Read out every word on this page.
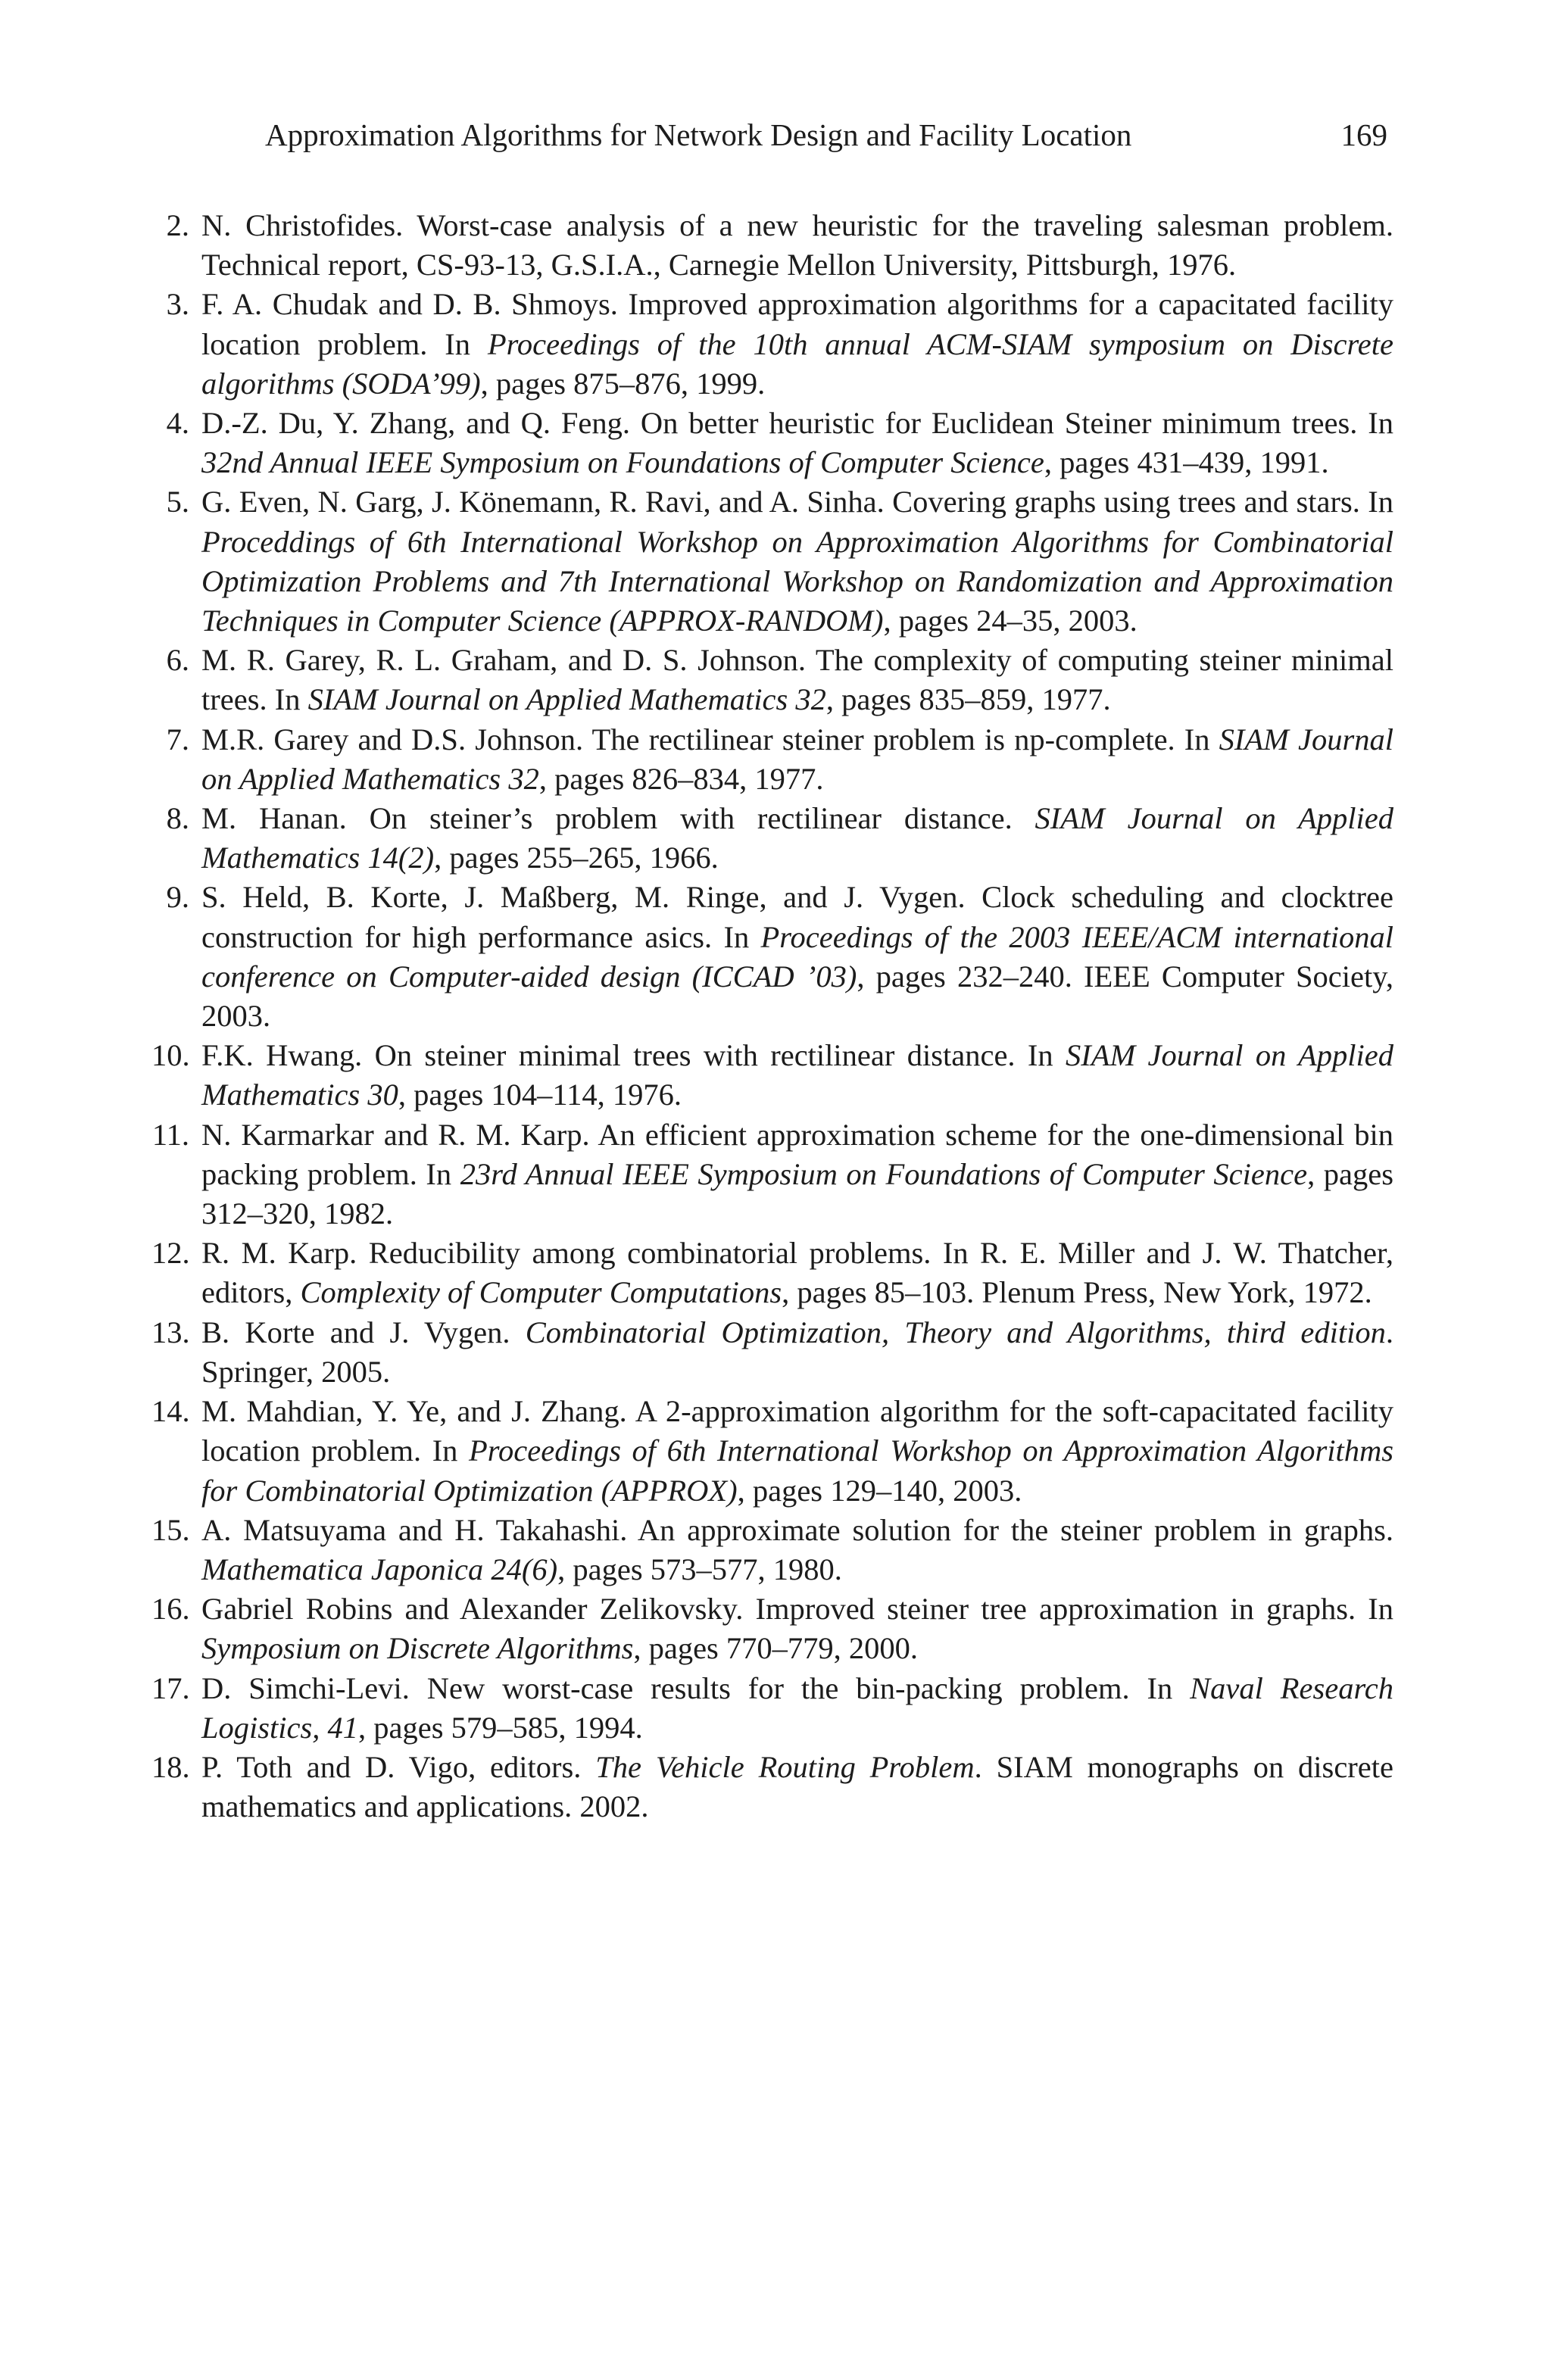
Approximation Algorithms for Network Design and Facility Location	169
2. N. Christofides. Worst-case analysis of a new heuristic for the traveling salesman problem. Technical report, CS-93-13, G.S.I.A., Carnegie Mellon University, Pittsburgh, 1976.
3. F. A. Chudak and D. B. Shmoys. Improved approximation algorithms for a capacitated facility location problem. In Proceedings of the 10th annual ACM-SIAM symposium on Discrete algorithms (SODA’99), pages 875–876, 1999.
4. D.-Z. Du, Y. Zhang, and Q. Feng. On better heuristic for Euclidean Steiner minimum trees. In 32nd Annual IEEE Symposium on Foundations of Computer Science, pages 431–439, 1991.
5. G. Even, N. Garg, J. Könemann, R. Ravi, and A. Sinha. Covering graphs using trees and stars. In Proceddings of 6th International Workshop on Approximation Algorithms for Combinatorial Optimization Problems and 7th International Workshop on Randomization and Approximation Techniques in Computer Science (APPROX-RANDOM), pages 24–35, 2003.
6. M. R. Garey, R. L. Graham, and D. S. Johnson. The complexity of computing steiner minimal trees. In SIAM Journal on Applied Mathematics 32, pages 835–859, 1977.
7. M.R. Garey and D.S. Johnson. The rectilinear steiner problem is np-complete. In SIAM Journal on Applied Mathematics 32, pages 826–834, 1977.
8. M. Hanan. On steiner’s problem with rectilinear distance. SIAM Journal on Applied Mathematics 14(2), pages 255–265, 1966.
9. S. Held, B. Korte, J. Maßberg, M. Ringe, and J. Vygen. Clock scheduling and clocktree construction for high performance asics. In Proceedings of the 2003 IEEE/ACM international conference on Computer-aided design (ICCAD ’03), pages 232–240. IEEE Computer Society, 2003.
10. F.K. Hwang. On steiner minimal trees with rectilinear distance. In SIAM Journal on Applied Mathematics 30, pages 104–114, 1976.
11. N. Karmarkar and R. M. Karp. An efficient approximation scheme for the one-dimensional bin packing problem. In 23rd Annual IEEE Symposium on Foundations of Computer Science, pages 312–320, 1982.
12. R. M. Karp. Reducibility among combinatorial problems. In R. E. Miller and J. W. Thatcher, editors, Complexity of Computer Computations, pages 85–103. Plenum Press, New York, 1972.
13. B. Korte and J. Vygen. Combinatorial Optimization, Theory and Algorithms, third edition. Springer, 2005.
14. M. Mahdian, Y. Ye, and J. Zhang. A 2-approximation algorithm for the soft-capacitated facility location problem. In Proceedings of 6th International Workshop on Approximation Algorithms for Combinatorial Optimization (APPROX), pages 129–140, 2003.
15. A. Matsuyama and H. Takahashi. An approximate solution for the steiner problem in graphs. Mathematica Japonica 24(6), pages 573–577, 1980.
16. Gabriel Robins and Alexander Zelikovsky. Improved steiner tree approximation in graphs. In Symposium on Discrete Algorithms, pages 770–779, 2000.
17. D. Simchi-Levi. New worst-case results for the bin-packing problem. In Naval Research Logistics, 41, pages 579–585, 1994.
18. P. Toth and D. Vigo, editors. The Vehicle Routing Problem. SIAM monographs on discrete mathematics and applications. 2002.
